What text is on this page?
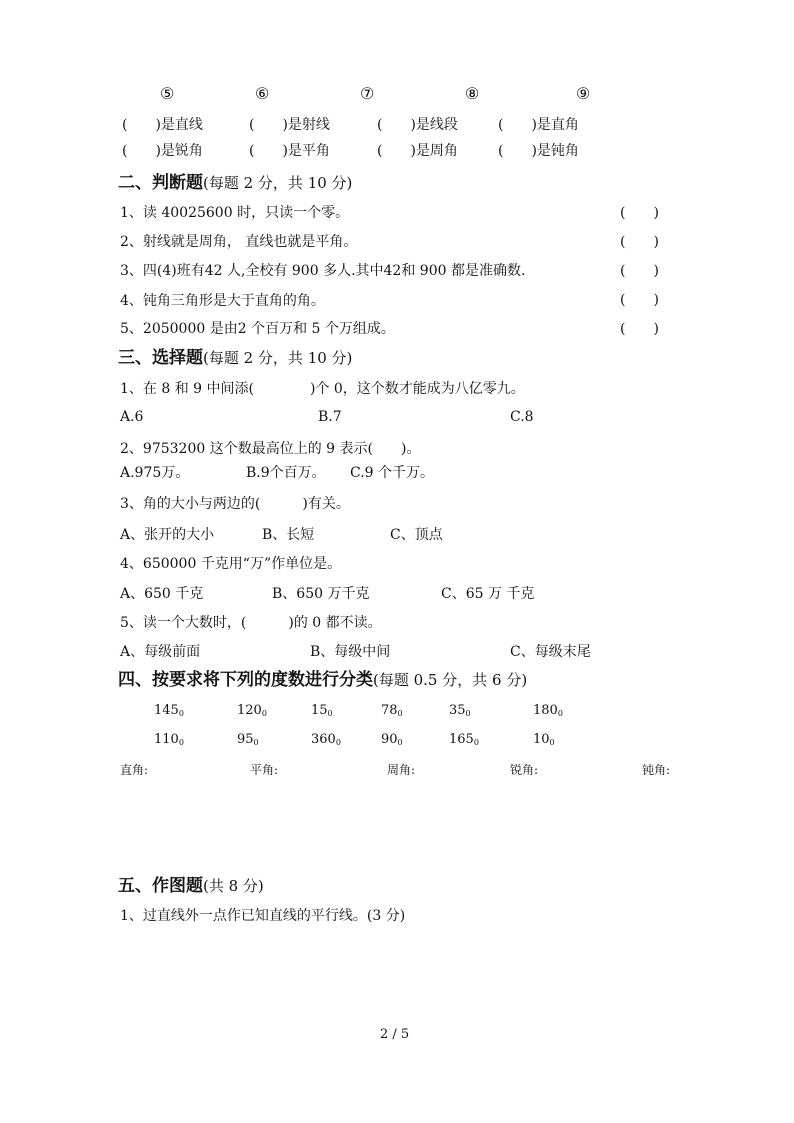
⑤	⑥	⑦	⑧	⑨
(　　)是直线	(　　)是射线	(　　)是线段	(　　)是直角
(　　)是锐角	(　　)是平角	(　　)是周角	(　　)是钝角
二、判断题(每题 2 分，共 10 分)
1、读 40025600 时，只读一个零。	(　　)
2、射线就是周角， 直线也就是平角。	(　　)
3、四(4)班有42 人,全校有 900 多人.其中42和 900 都是准确数.	(　　)
4、钝角三角形是大于直角的角。	(　　)
5、2050000 是由2 个百万和 5 个万组成。	(　　)
三、选择题(每题 2 分，共 10 分)
1、在 8 和 9 中间添(　　　　)个 0，这个数才能成为八亿零九。
A.6	B.7	C.8
2、9753200 这个数最高位上的 9 表示(　　)。
A.975万。	B.9个百万。 C.9 个千万。
3、角的大小与两边的(　　　)有关。
A、张开的大小	B、长短	C、顶点
4、650000 千克用“万”作单位是。
A、650 千克	B、650 万千克	C、65 万 千克
5、读一个大数时，(　　　)的 0 都不读。
A、每级前面	B、每级中间	C、每级末尾
四、按要求将下列的度数进行分类(每题 0.5 分，共 6 分)
$145_0$	$120_0$	$15_0$	$78_0$	$35_0$	$180_0$
$110_0$	$95_0$	$360_0$	$90_0$	$165_0$	$10_0$
直角:	平角:	周角:	锐角:	钝角:
五、作图题(共 8 分)
1、过直线外一点作已知直线的平行线。(3 分)
2 / 5
